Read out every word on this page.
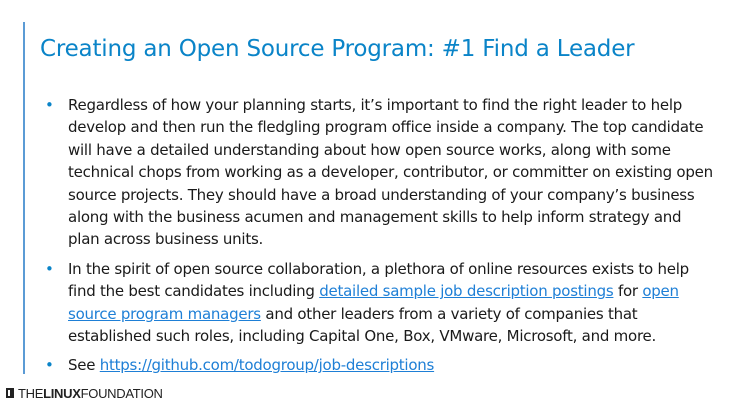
Creating an Open Source Program: #1 Find a Leader
• Regardless of how your planning starts, it’s important to find the right leader to help develop and then run the fledgling program office inside a company. The top candidate will have a detailed understanding about how open source works, along with some technical chops from working as a developer, contributor, or committer on existing open source projects. They should have a broad understanding of your company’s business along with the business acumen and management skills to help inform strategy and plan across business units.
• In the spirit of open source collaboration, a plethora of online resources exists to help find the best candidates including detailed sample job description postings for open source program managers and other leaders from a variety of companies that established such roles, including Capital One, Box, VMware, Microsoft, and more.
• See https://github.com/todogroup/job-descriptions
THELINUXFOUNDATION
